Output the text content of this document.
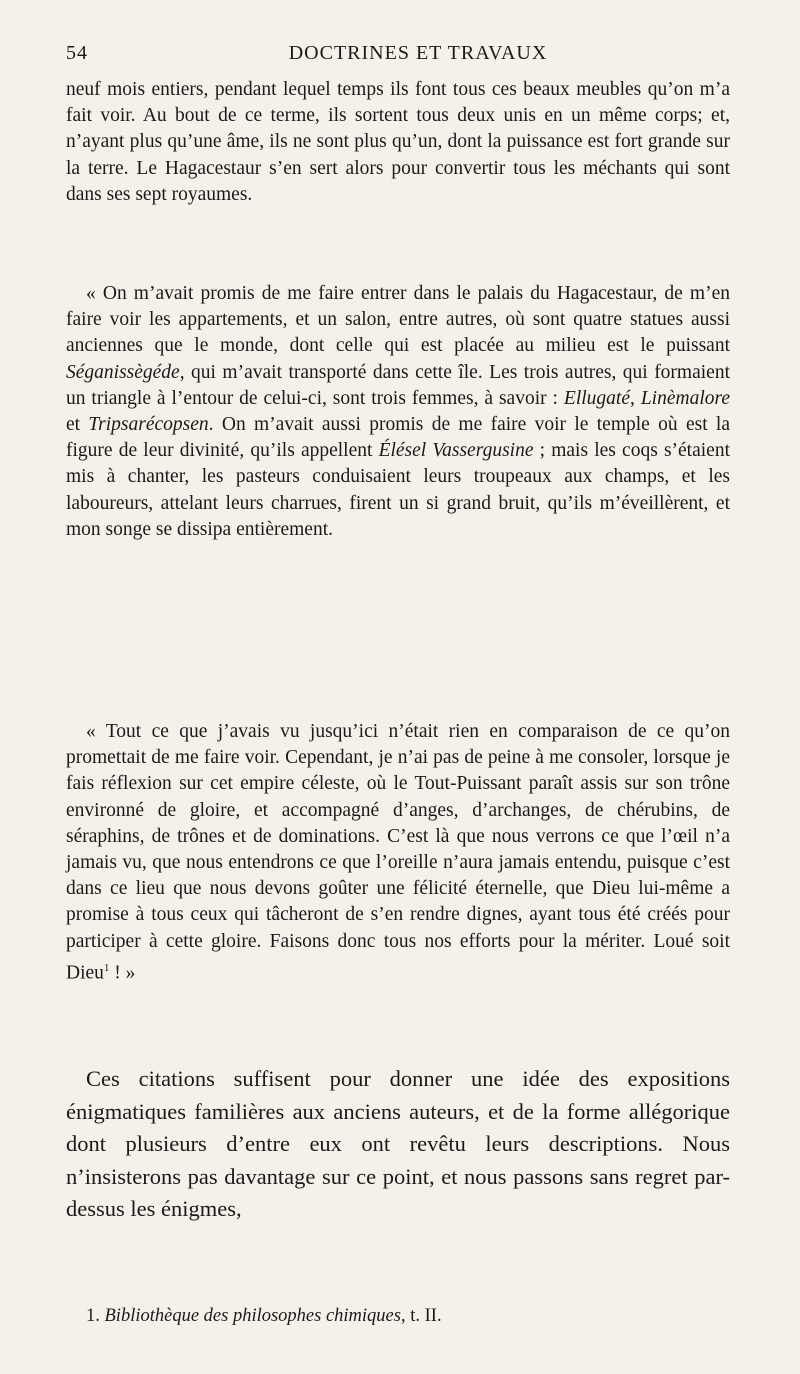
54	DOCTRINES ET TRAVAUX

neuf mois entiers, pendant lequel temps ils font tous ces beaux meubles qu’on m’a fait voir. Au bout de ce terme, ils sortent tous deux unis en un même corps; et, n’ayant plus qu’une âme, ils ne sont plus qu’un, dont la puissance est fort grande sur la terre. Le Hagacestaur s’en sert alors pour convertir tous les méchants qui sont dans ses sept royaumes.

« On m’avait promis de me faire entrer dans le palais du Hagacestaur, de m’en faire voir les appartements, et un salon, entre autres, où sont quatre statues aussi anciennes que le monde, dont celle qui est placée au milieu est le puissant Séganissègéde, qui m’avait transporté dans cette île. Les trois autres, qui formaient un triangle à l’entour de celui-ci, sont trois femmes, à savoir : Ellugaté, Linèmalore et Tripsarécopsen. On m’avait aussi promis de me faire voir le temple où est la figure de leur divinité, qu’ils appellent Élésel Vassergusine ; mais les coqs s’étaient mis à chanter, les pasteurs conduisaient leurs troupeaux aux champs, et les laboureurs, attelant leurs charrues, firent un si grand bruit, qu’ils m’éveillèrent, et mon songe se dissipa entièrement.

« Tout ce que j’avais vu jusqu’ici n’était rien en comparaison de ce qu’on promettait de me faire voir. Cependant, je n’ai pas de peine à me consoler, lorsque je fais réflexion sur cet empire céleste, où le Tout-Puissant paraît assis sur son trône environné de gloire, et accompagné d’anges, d’archanges, de chérubins, de séraphins, de trônes et de dominations. C’est là que nous verrons ce que l’œil n’a jamais vu, que nous entendrons ce que l’oreille n’aura jamais entendu, puisque c’est dans ce lieu que nous devons goûter une félicité éternelle, que Dieu lui-même a promise à tous ceux qui tâcheront de s’en rendre dignes, ayant tous été créés pour participer à cette gloire. Faisons donc tous nos efforts pour la mériter. Loué soit Dieu$^1$ ! »

Ces citations suffisent pour donner une idée des expositions énigmatiques familières aux anciens auteurs, et de la forme allégorique dont plusieurs d’entre eux ont revêtu leurs descriptions. Nous n’insisterons pas davantage sur ce point, et nous passons sans regret par-dessus les énigmes,

1. Bibliothèque des philosophes chimiques, t. II.
